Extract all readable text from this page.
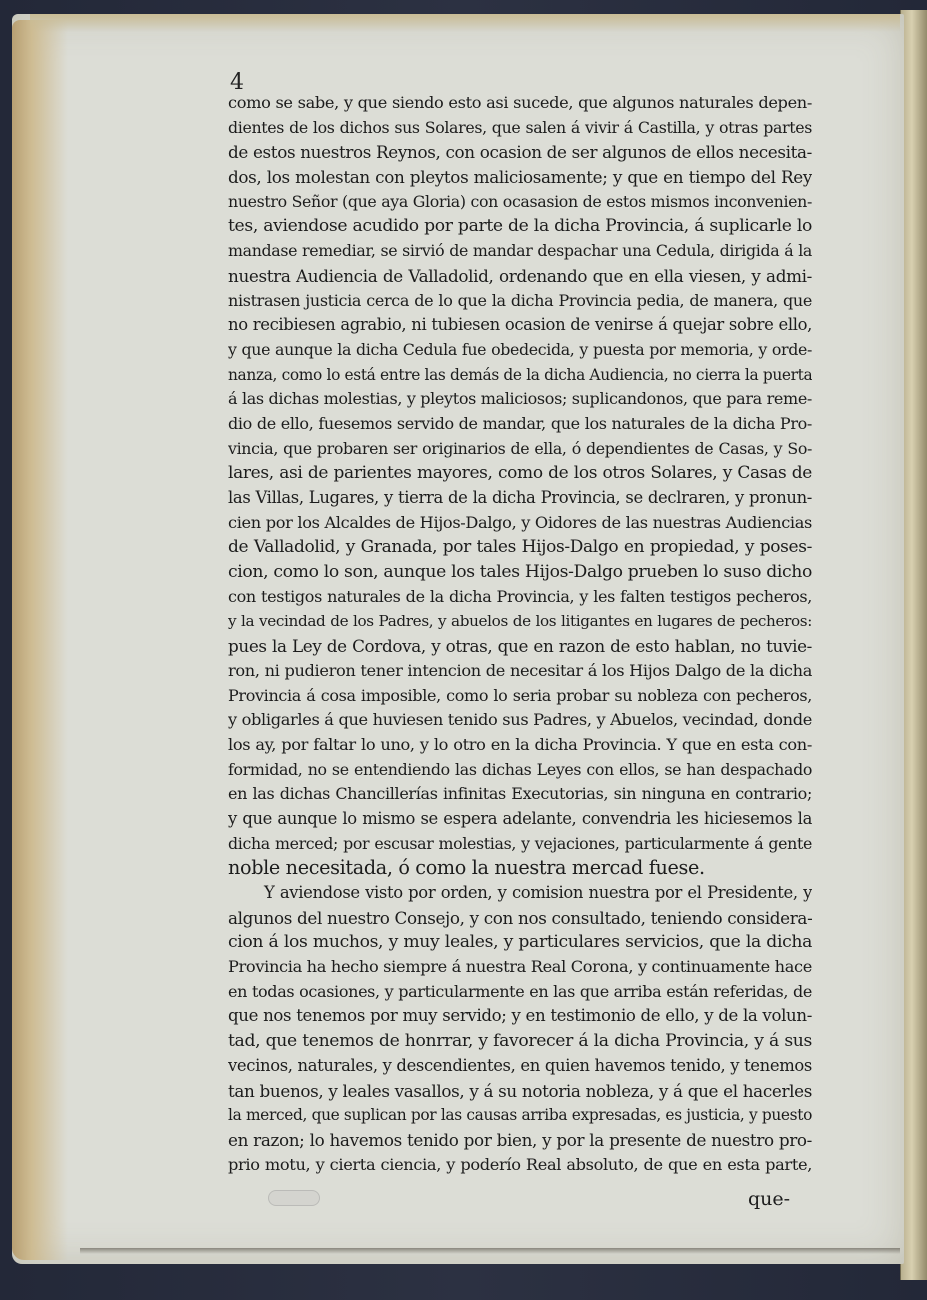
4

como se sabe, y que siendo esto asi sucede, que algunos naturales depen-
dientes de los dichos sus Solares, que salen á vivir á Castilla, y otras partes
de estos nuestros Reynos, con ocasion de ser algunos de ellos necesita-
dos, los molestan con pleytos maliciosamente; y que en tiempo del Rey
nuestro Señor (que aya Gloria) con ocasasion de estos mismos inconvenien-
tes, aviendose acudido por parte de la dicha Provincia, á suplicarle lo
mandase remediar, se sirvió de mandar despachar una Cedula, dirigida á la
nuestra Audiencia de Valladolid, ordenando que en ella viesen, y admi-
nistrasen justicia cerca de lo que la dicha Provincia pedia, de manera, que
no recibiesen agrabio, ni tubiesen ocasion de venirse á quejar sobre ello,
y que aunque la dicha Cedula fue obedecida, y puesta por memoria, y orde-
nanza, como lo está entre las demás de la dicha Audiencia, no cierra la puerta
á las dichas molestias, y pleytos maliciosos; suplicandonos, que para reme-
dio de ello, fuesemos servido de mandar, que los naturales de la dicha Pro-
vincia, que probaren ser originarios de ella, ó dependientes de Casas, y So-
lares, asi de parientes mayores, como de los otros Solares, y Casas de
las Villas, Lugares, y tierra de la dicha Provincia, se declraren, y pronun-
cien por los Alcaldes de Hijos-Dalgo, y Oidores de las nuestras Audiencias
de Valladolid, y Granada, por tales Hijos-Dalgo en propiedad, y poses-
cion, como lo son, aunque los tales Hijos-Dalgo prueben lo suso dicho
con testigos naturales de la dicha Provincia, y les falten testigos pecheros,
y la vecindad de los Padres, y abuelos de los litigantes en lugares de pecheros:
pues la Ley de Cordova, y otras, que en razon de esto hablan, no tuvie-
ron, ni pudieron tener intencion de necesitar á los Hijos Dalgo de la dicha
Provincia á cosa imposible, como lo seria probar su nobleza con pecheros,
y obligarles á que huviesen tenido sus Padres, y Abuelos, vecindad, donde
los ay, por faltar lo uno, y lo otro en la dicha Provincia. Y que en esta con-
formidad, no se entendiendo las dichas Leyes con ellos, se han despachado
en las dichas Chancillerías infinitas Executorias, sin ninguna en contrario;
y que aunque lo mismo se espera adelante, convendria les hiciesemos la
dicha merced; por escusar molestias, y vejaciones, particularmente á gente
noble necesitada, ó como la nuestra mercad fuese.
Y aviendose visto por orden, y comision nuestra por el Presidente, y
algunos del nuestro Consejo, y con nos consultado, teniendo considera-
cion á los muchos, y muy leales, y particulares servicios, que la dicha
Provincia ha hecho siempre á nuestra Real Corona, y continuamente hace
en todas ocasiones, y particularmente en las que arriba están referidas, de
que nos tenemos por muy servido; y en testimonio de ello, y de la volun-
tad, que tenemos de honrrar, y favorecer á la dicha Provincia, y á sus
vecinos, naturales, y descendientes, en quien havemos tenido, y tenemos
tan buenos, y leales vasallos, y á su notoria nobleza, y á que el hacerles
la merced, que suplican por las causas arriba expresadas, es justicia, y puesto
en razon; lo havemos tenido por bien, y por la presente de nuestro pro-
prio motu, y cierta ciencia, y poderío Real absoluto, de que en esta parte,

que-
